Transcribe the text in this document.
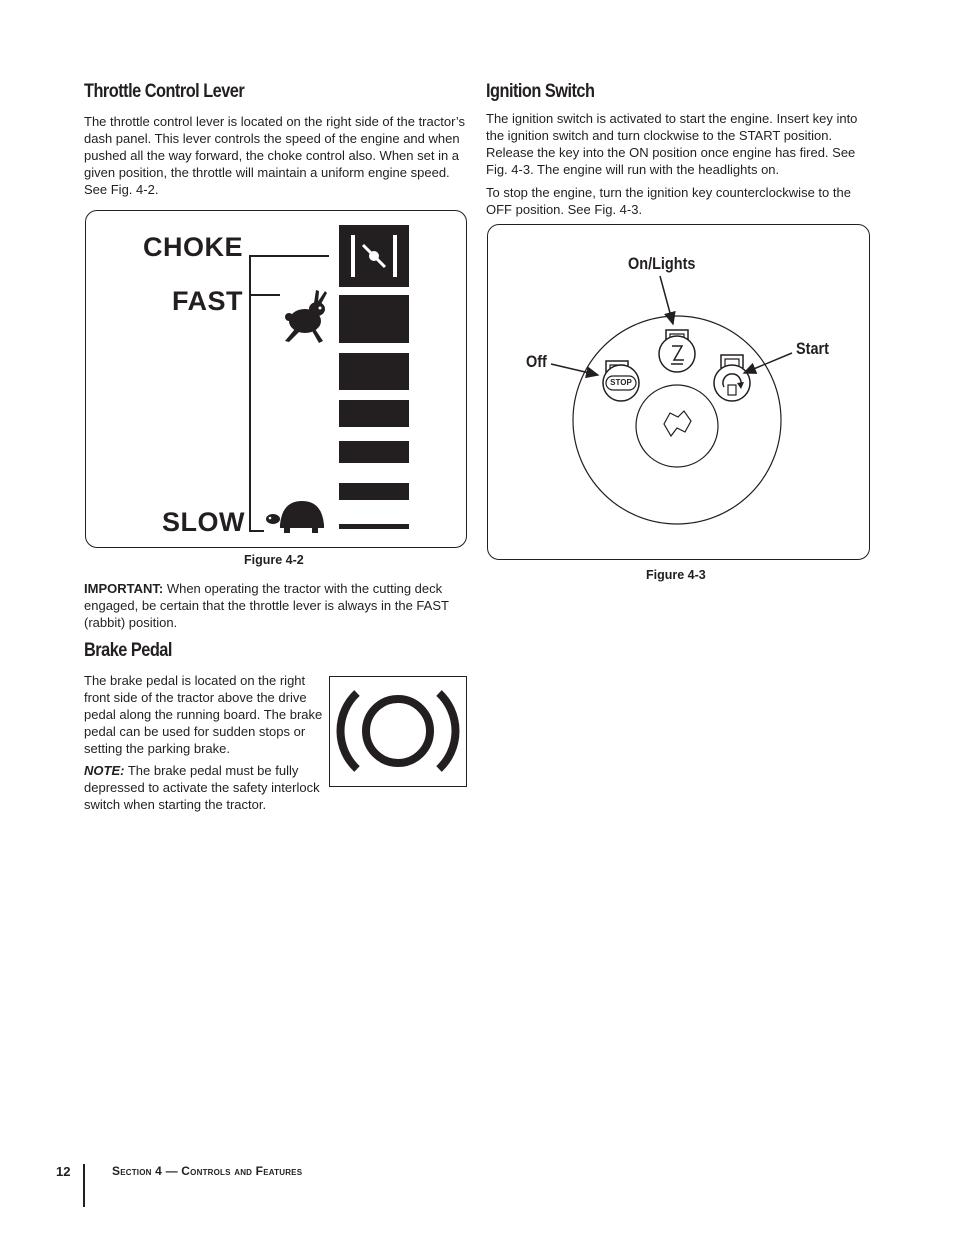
Throttle Control Lever

The throttle control lever is located on the right side of the tractor’s dash panel. This lever controls the speed of the engine and when pushed all the way forward, the choke control also. When set in a given position, the throttle will maintain a uniform engine speed. See Fig. 4-2.

CHOKE
FAST
SLOW
Figure 4-2

IMPORTANT: When operating the tractor with the cutting deck engaged, be certain that the throttle lever is always in the FAST (rabbit) position.

Brake Pedal

The brake pedal is located on the right front side of the tractor above the drive pedal along the running board. The brake pedal can be used for sudden stops or setting the parking brake.

NOTE: The brake pedal must be fully depressed to activate the safety interlock switch when starting the tractor.

Ignition Switch

The ignition switch is activated to start the engine. Insert key into the ignition switch and turn clockwise to the START position. Release the key into the ON position once engine has fired. See Fig. 4-3. The engine will run with the headlights on.

To stop the engine, turn the ignition key counterclockwise to the OFF position. See Fig. 4-3.

STOP
On/Lights
Off
Start
Figure 4-3
12	Section 4 — Controls and Features
